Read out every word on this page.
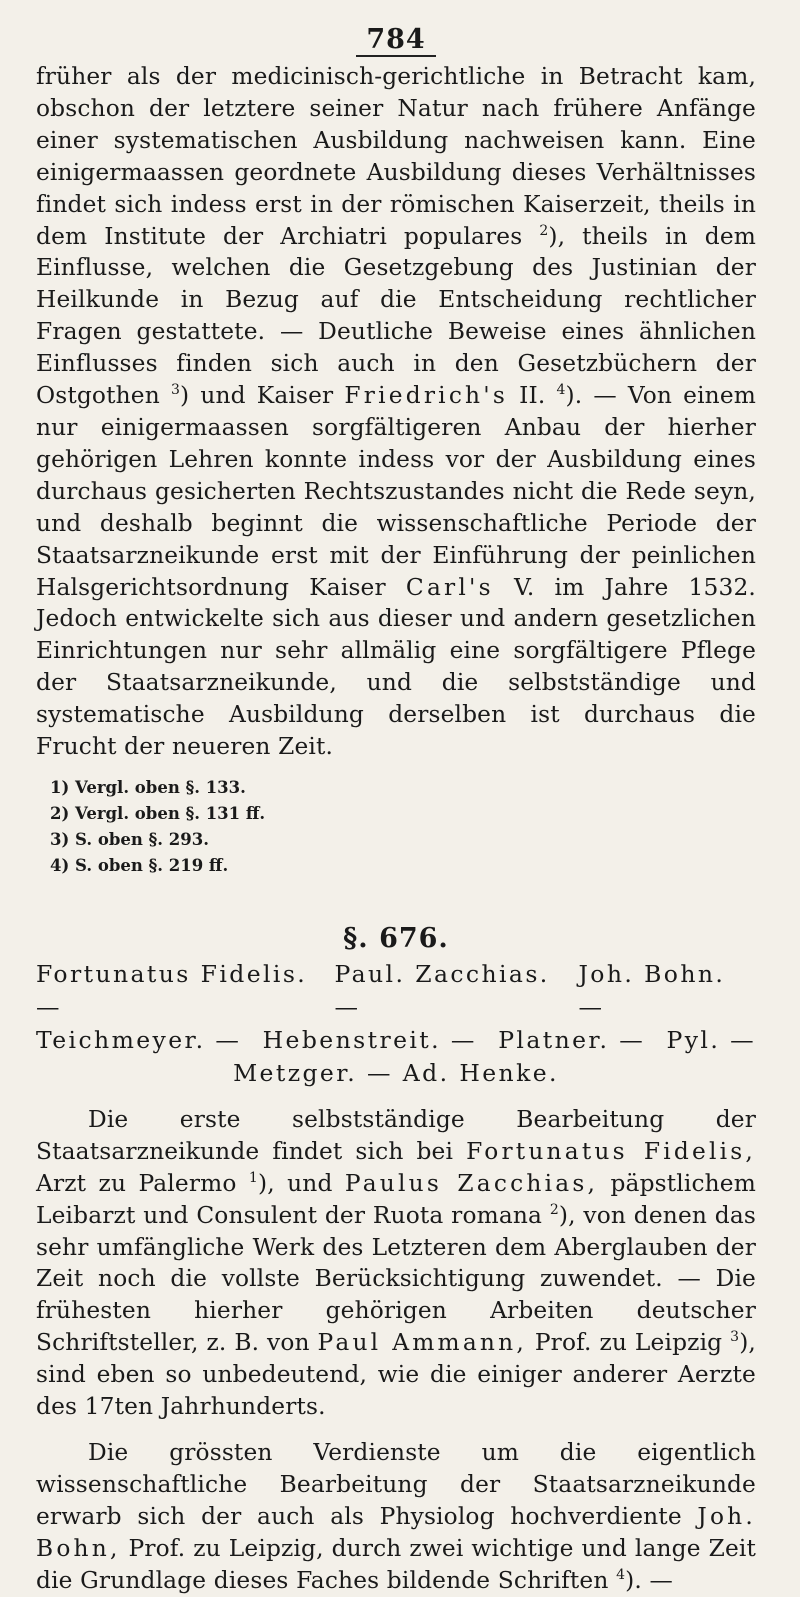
784

früher als der medicinisch-gerichtliche in Betracht kam, obschon der letztere seiner Natur nach frühere Anfänge einer systematischen Ausbildung nachweisen kann. Eine einigermaassen geordnete Ausbildung dieses Verhältnisses findet sich indess erst in der römischen Kaiserzeit, theils in dem Institute der Archiatri populares $^2$), theils in dem Einflusse, welchen die Gesetzgebung des Justinian der Heilkunde in Bezug auf die Entscheidung rechtlicher Fragen gestattete. — Deutliche Beweise eines ähnlichen Einflusses finden sich auch in den Gesetzbüchern der Ostgothen $^3$) und Kaiser Friedrich's II. $^4$). — Von einem nur einigermaassen sorgfältigeren Anbau der hierher gehörigen Lehren konnte indess vor der Ausbildung eines durchaus gesicherten Rechtszustandes nicht die Rede seyn, und deshalb beginnt die wissenschaftliche Periode der Staatsarzneikunde erst mit der Einführung der peinlichen Halsgerichtsordnung Kaiser Carl's V. im Jahre 1532. Jedoch entwickelte sich aus dieser und andern gesetzlichen Einrichtungen nur sehr allmälig eine sorgfältigere Pflege der Staatsarzneikunde, und die selbstständige und systematische Ausbildung derselben ist durchaus die Frucht der neueren Zeit.

1) Vergl. oben §. 133.
2) Vergl. oben §. 131 ff.
3) S. oben §. 293.
4) S. oben §. 219 ff.
§. 676.
Fortunatus Fidelis. —
Paul. Zacchias. —
Joh. Bohn. —
Teichmeyer. — Hebenstreit. — Platner. — Pyl. —
Metzger. — Ad. Henke.

Die erste selbstständige Bearbeitung der Staatsarzneikunde findet sich bei Fortunatus Fidelis, Arzt zu Palermo $^1$), und Paulus Zacchias, päpstlichem Leibarzt und Consulent der Ruota romana $^2$), von denen das sehr umfängliche Werk des Letzteren dem Aberglauben der Zeit noch die vollste Berücksichtigung zuwendet. — Die frühesten hierher gehörigen Arbeiten deutscher Schriftsteller, z. B. von Paul Ammann, Prof. zu Leipzig $^3$), sind eben so unbedeutend, wie die einiger anderer Aerzte des 17ten Jahrhunderts.

Die grössten Verdienste um die eigentlich wissenschaftliche Bearbeitung der Staatsarzneikunde erwarb sich der auch als Physiolog hochverdiente Joh. Bohn, Prof. zu Leipzig, durch zwei wichtige und lange Zeit die Grundlage dieses Faches bildende Schriften $^4$). —
